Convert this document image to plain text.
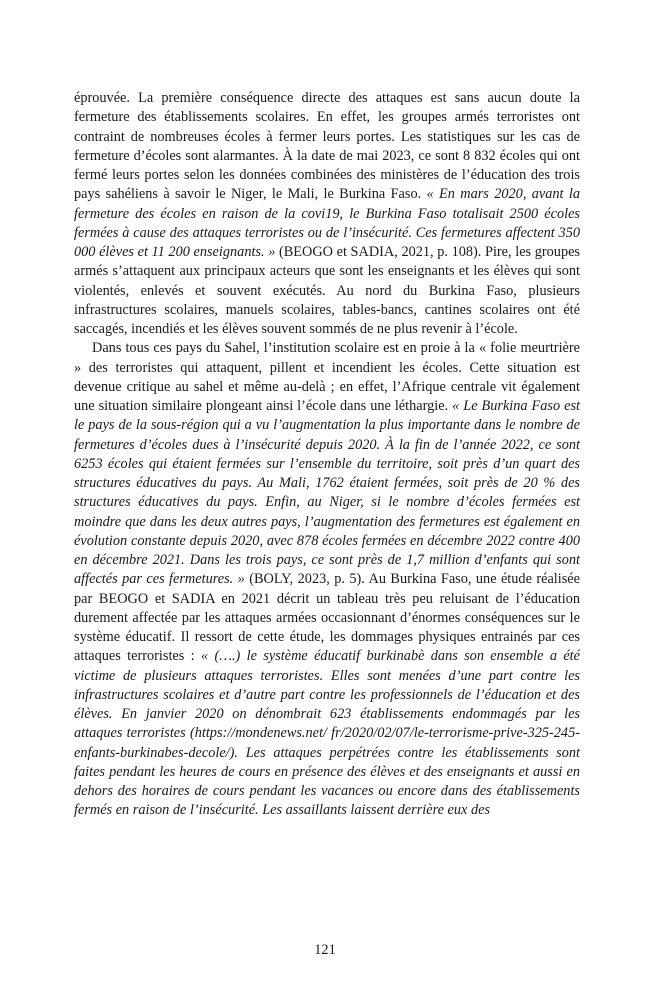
éprouvée. La première conséquence directe des attaques est sans aucun doute la fermeture des établissements scolaires. En effet, les groupes armés terroristes ont contraint de nombreuses écoles à fermer leurs portes. Les statistiques sur les cas de fermeture d’écoles sont alarmantes. À la date de mai 2023, ce sont 8 832 écoles qui ont fermé leurs portes selon les données combinées des ministères de l’éducation des trois pays sahéliens à savoir le Niger, le Mali, le Burkina Faso. « En mars 2020, avant la fermeture des écoles en raison de la covi19, le Burkina Faso totalisait 2500 écoles fermées à cause des attaques terroristes ou de l’insécurité. Ces fermetures affectent 350 000 élèves et 11 200 enseignants. » (BEOGO et SADIA, 2021, p. 108). Pire, les groupes armés s’attaquent aux principaux acteurs que sont les enseignants et les élèves qui sont violentés, enlevés et souvent exécutés. Au nord du Burkina Faso, plusieurs infrastructures scolaires, manuels scolaires, tables-bancs, cantines scolaires ont été saccagés, incendiés et les élèves souvent sommés de ne plus revenir à l’école.

Dans tous ces pays du Sahel, l’institution scolaire est en proie à la « folie meurtrière » des terroristes qui attaquent, pillent et incendient les écoles. Cette situation est devenue critique au sahel et même au-delà ; en effet, l’Afrique centrale vit également une situation similaire plongeant ainsi l’école dans une léthargie. « Le Burkina Faso est le pays de la sous-région qui a vu l’augmentation la plus importante dans le nombre de fermetures d’écoles dues à l’insécurité depuis 2020. À la fin de l’année 2022, ce sont 6253 écoles qui étaient fermées sur l’ensemble du territoire, soit près d’un quart des structures éducatives du pays. Au Mali, 1762 étaient fermées, soit près de 20 % des structures éducatives du pays. Enfin, au Niger, si le nombre d’écoles fermées est moindre que dans les deux autres pays, l’augmentation des fermetures est également en évolution constante depuis 2020, avec 878 écoles fermées en décembre 2022 contre 400 en décembre 2021. Dans les trois pays, ce sont près de 1,7 million d’enfants qui sont affectés par ces fermetures. » (BOLY, 2023, p. 5). Au Burkina Faso, une étude réalisée par BEOGO et SADIA en 2021 décrit un tableau très peu reluisant de l’éducation durement affectée par les attaques armées occasionnant d’énormes conséquences sur le système éducatif. Il ressort de cette étude, les dommages physiques entrainés par ces attaques terroristes : « (….) le système éducatif burkinabè dans son ensemble a été victime de plusieurs attaques terroristes. Elles sont menées d’une part contre les infrastructures scolaires et d’autre part contre les professionnels de l’éducation et des élèves. En janvier 2020 on dénombrait 623 établissements endommagés par les attaques terroristes (https://mondenews.net/ fr/2020/02/07/le-terrorisme-prive-325-245-enfants-burkinabes-decole/). Les attaques perpétrées contre les établissements sont faites pendant les heures de cours en présence des élèves et des enseignants et aussi en dehors des horaires de cours pendant les vacances ou encore dans des établissements fermés en raison de l’insécurité. Les assaillants laissent derrière eux des

121
